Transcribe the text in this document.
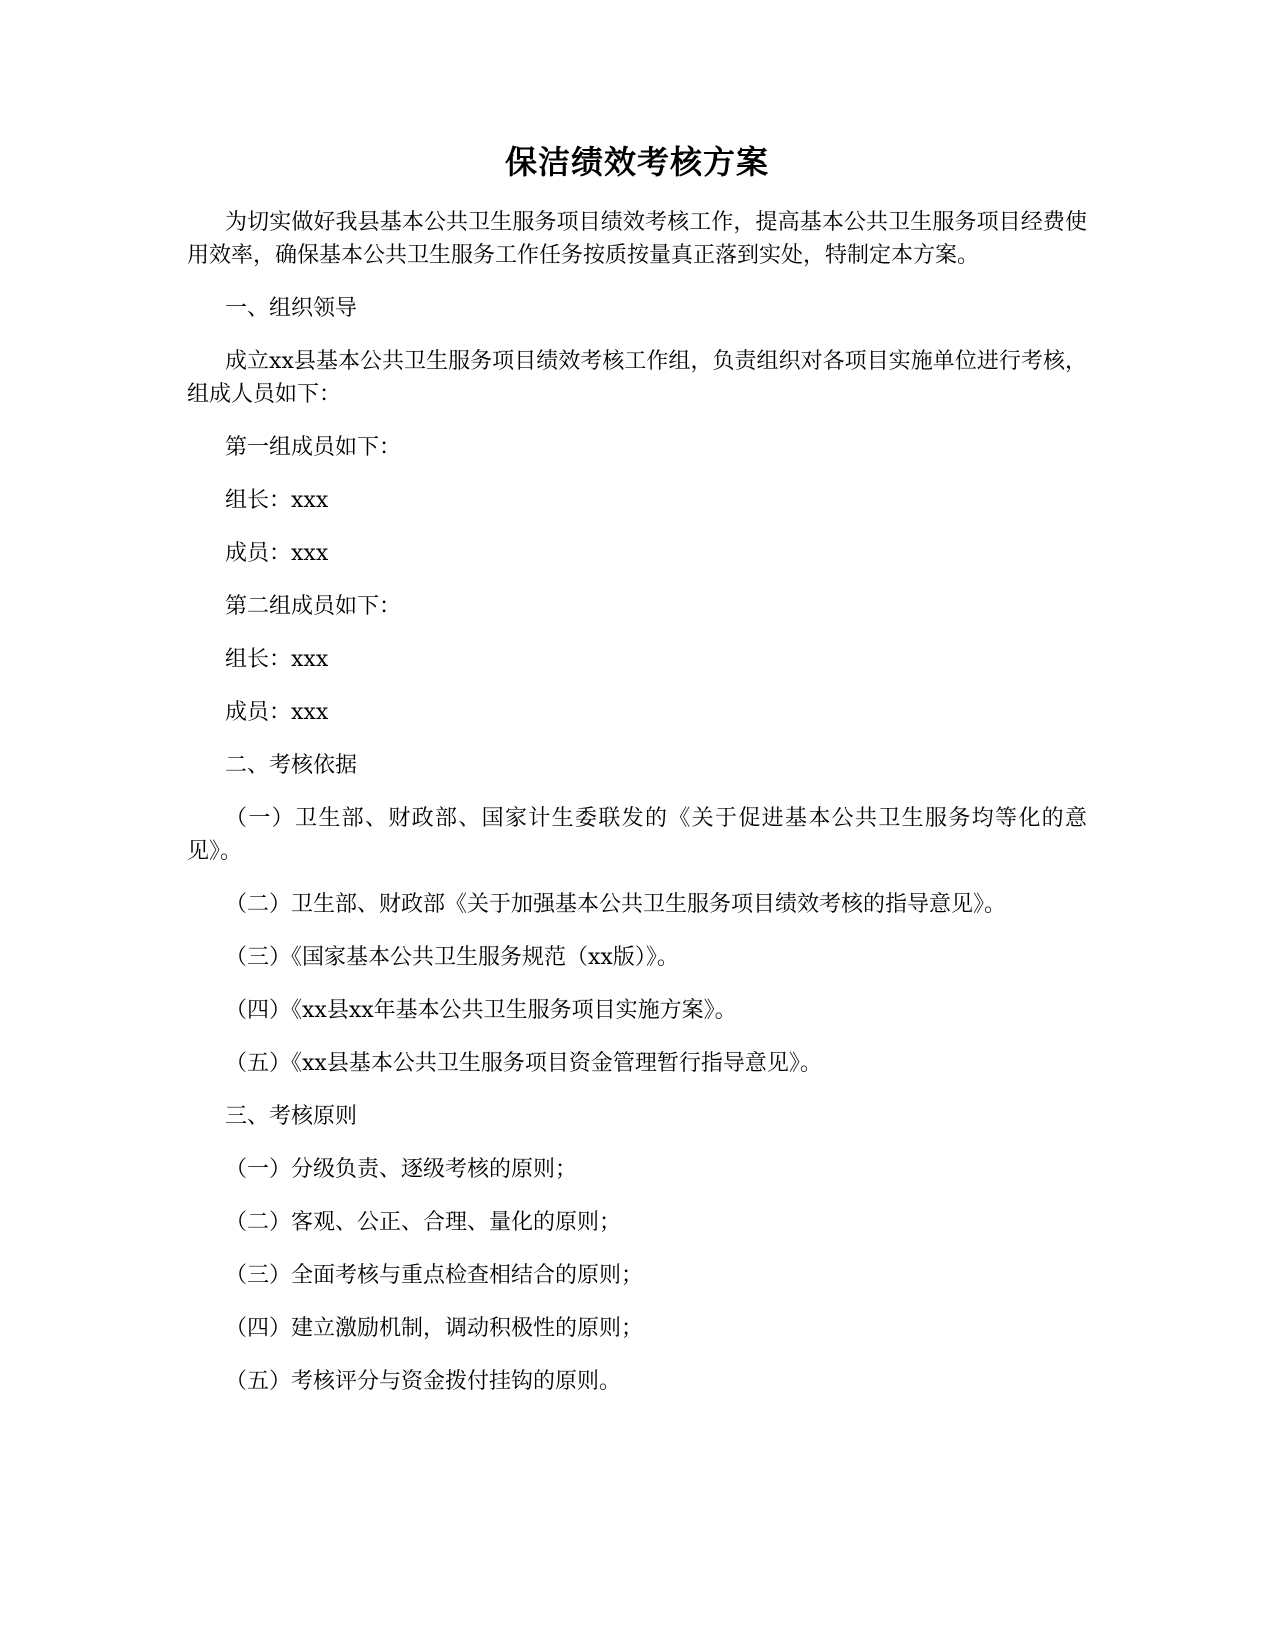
保洁绩效考核方案

为切实做好我县基本公共卫生服务项目绩效考核工作，提高基本公共卫生服务项目经费使用效率，确保基本公共卫生服务工作任务按质按量真正落到实处，特制定本方案。

一、组织领导

成立xx县基本公共卫生服务项目绩效考核工作组，负责组织对各项目实施单位进行考核，组成人员如下：

第一组成员如下：

组长：xxx

成员：xxx

第二组成员如下：

组长：xxx

成员：xxx

二、考核依据

（一）卫生部、财政部、国家计生委联发的《关于促进基本公共卫生服务均等化的意见》。

（二）卫生部、财政部《关于加强基本公共卫生服务项目绩效考核的指导意见》。

（三）《国家基本公共卫生服务规范（xx版）》。

（四）《xx县xx年基本公共卫生服务项目实施方案》。

（五）《xx县基本公共卫生服务项目资金管理暂行指导意见》。

三、考核原则

（一）分级负责、逐级考核的原则；

（二）客观、公正、合理、量化的原则；

（三）全面考核与重点检查相结合的原则；

（四）建立激励机制，调动积极性的原则；

（五）考核评分与资金拨付挂钩的原则。
